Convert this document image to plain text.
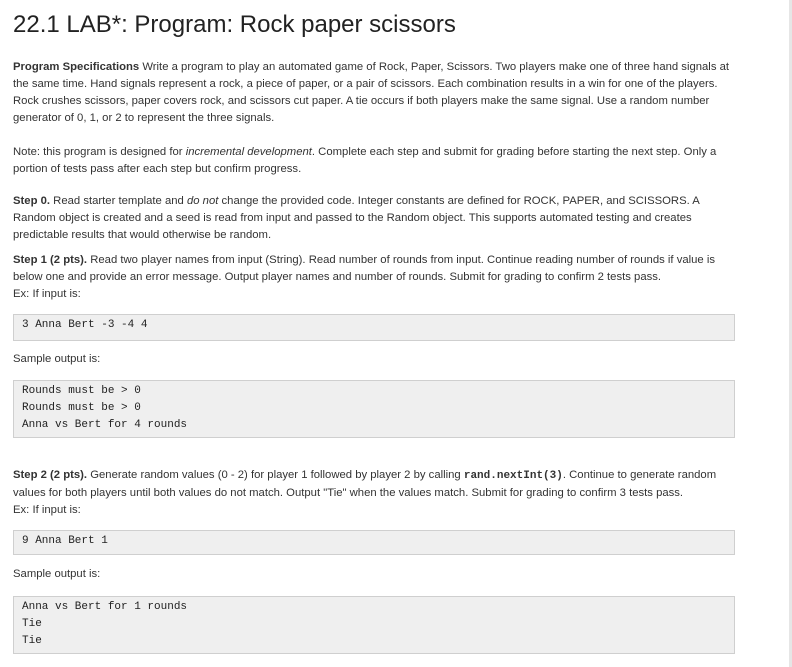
22.1 LAB*: Program: Rock paper scissors

Program Specifications Write a program to play an automated game of Rock, Paper, Scissors. Two players make one of three hand signals at the same time. Hand signals represent a rock, a piece of paper, or a pair of scissors. Each combination results in a win for one of the players. Rock crushes scissors, paper covers rock, and scissors cut paper. A tie occurs if both players make the same signal. Use a random number generator of 0, 1, or 2 to represent the three signals.

Note: this program is designed for incremental development. Complete each step and submit for grading before starting the next step. Only a portion of tests pass after each step but confirm progress.

Step 0. Read starter template and do not change the provided code. Integer constants are defined for ROCK, PAPER, and SCISSORS. A Random object is created and a seed is read from input and passed to the Random object. This supports automated testing and creates predictable results that would otherwise be random.

Step 1 (2 pts). Read two player names from input (String). Read number of rounds from input. Continue reading number of rounds if value is below one and provide an error message. Output player names and number of rounds. Submit for grading to confirm 2 tests pass.
Ex: If input is:

3 Anna Bert -3 -4 4

Sample output is:

Rounds must be > 0
Rounds must be > 0
Anna vs Bert for 4 rounds

Step 2 (2 pts). Generate random values (0 - 2) for player 1 followed by player 2 by calling rand.nextInt(3). Continue to generate random values for both players until both values do not match. Output "Tie" when the values match. Submit for grading to confirm 3 tests pass.
Ex: If input is:

9 Anna Bert 1

Sample output is:

Anna vs Bert for 1 rounds
Tie
Tie
